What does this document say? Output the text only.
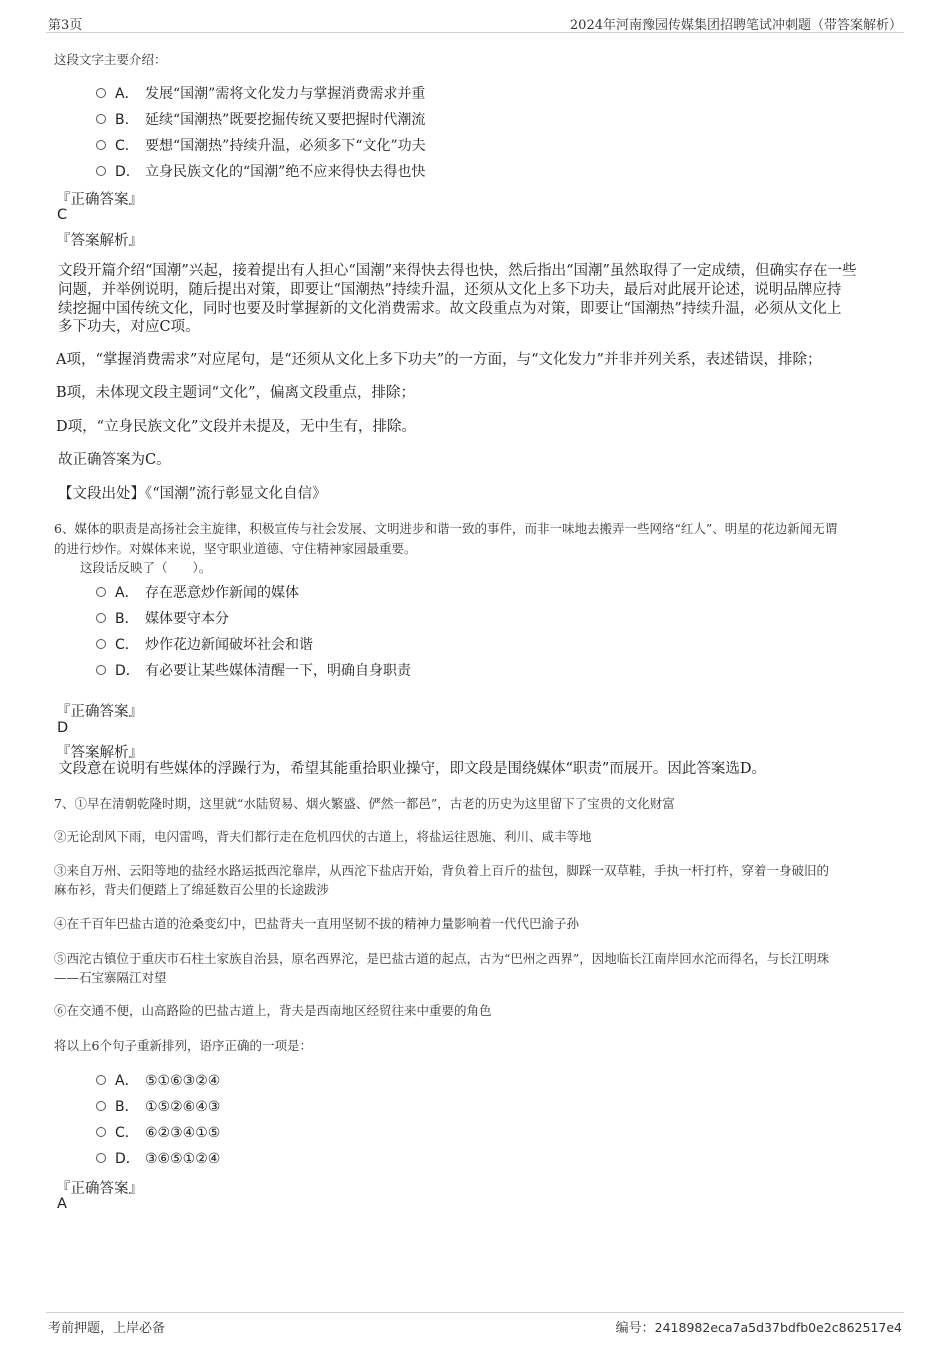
第3页	2024年河南豫园传媒集团招聘笔试冲刺题（带答案解析）
这段文字主要介绍：
A． 发展“国潮”需将文化发力与掌握消费需求并重
B. 延续“国潮热”既要挖掘传统又要把握时代潮流
C. 要想“国潮热”持续升温，必须多下“文化”功夫
D. 立身民族文化的“国潮”绝不应来得快去得也快
『正确答案』
C
『答案解析』
文段开篇介绍“国潮”兴起，接着提出有人担心“国潮”来得快去得也快，然后指出“国潮”虽然取得了一定成绩，但确实存在一些
问题，并举例说明，随后提出对策，即要让“国潮热”持续升温，还须从文化上多下功夫，最后对此展开论述，说明品牌应持
续挖掘中国传统文化，同时也要及时掌握新的文化消费需求。故文段重点为对策，即要让“国潮热”持续升温，必须从文化上
多下功夫，对应C项。
A项，“掌握消费需求”对应尾句，是“还须从文化上多下功夫”的一方面，与“文化发力”并非并列关系，表述错误，排除；
B项，未体现文段主题词“文化”，偏离文段重点，排除；
D项，“立身民族文化”文段并未提及，无中生有，排除。
故正确答案为C。
【文段出处】《“国潮”流行彰显文化自信》
6、媒体的职责是高扬社会主旋律，积极宣传与社会发展、文明进步和谐一致的事件，而非一味地去搬弄一些网络“红人”、明星的花边新闻无谓
的进行炒作。对媒体来说，坚守职业道德、守住精神家园最重要。
这段话反映了（　　）。
A． 存在恶意炒作新闻的媒体
B． 媒体要守本分
C． 炒作花边新闻破坏社会和谐
D． 有必要让某些媒体清醒一下，明确自身职责
『正确答案』
D
『答案解析』
文段意在说明有些媒体的浮躁行为，希望其能重拾职业操守，即文段是围绕媒体“职责”而展开。因此答案选D。
7、①早在清朝乾隆时期，这里就“水陆贸易、烟火繁盛、俨然一都邑”，古老的历史为这里留下了宝贵的文化财富
②无论刮风下雨，电闪雷鸣，背夫们都行走在危机四伏的古道上，将盐运往恩施、利川、咸丰等地
③来自万州、云阳等地的盐经水路运抵西沱靠岸，从西沱下盐店开始，背负着上百斤的盐包，脚踩一双草鞋，手执一杆打杵，穿着一身破旧的
麻布衫，背夫们便踏上了绵延数百公里的长途跋涉
④在千百年巴盐古道的沧桑变幻中，巴盐背夫一直用坚韧不拔的精神力量影响着一代代巴渝子孙
⑤西沱古镇位于重庆市石柱土家族自治县，原名西界沱，是巴盐古道的起点，古为“巴州之西界”，因地临长江南岸回水沱而得名，与长江明珠
——石宝寨隔江对望
⑥在交通不便，山高路险的巴盐古道上，背夫是西南地区经贸往来中重要的角色
将以上6个句子重新排列，语序正确的一项是：
A． ⑤①⑥③②④
B． ①⑤②⑥④③
C． ⑥②③④①⑤
D． ③⑥⑤①②④
『正确答案』
A
考前押题，上岸必备	编号：2418982eca7a5d37bdfb0e2c862517e4
